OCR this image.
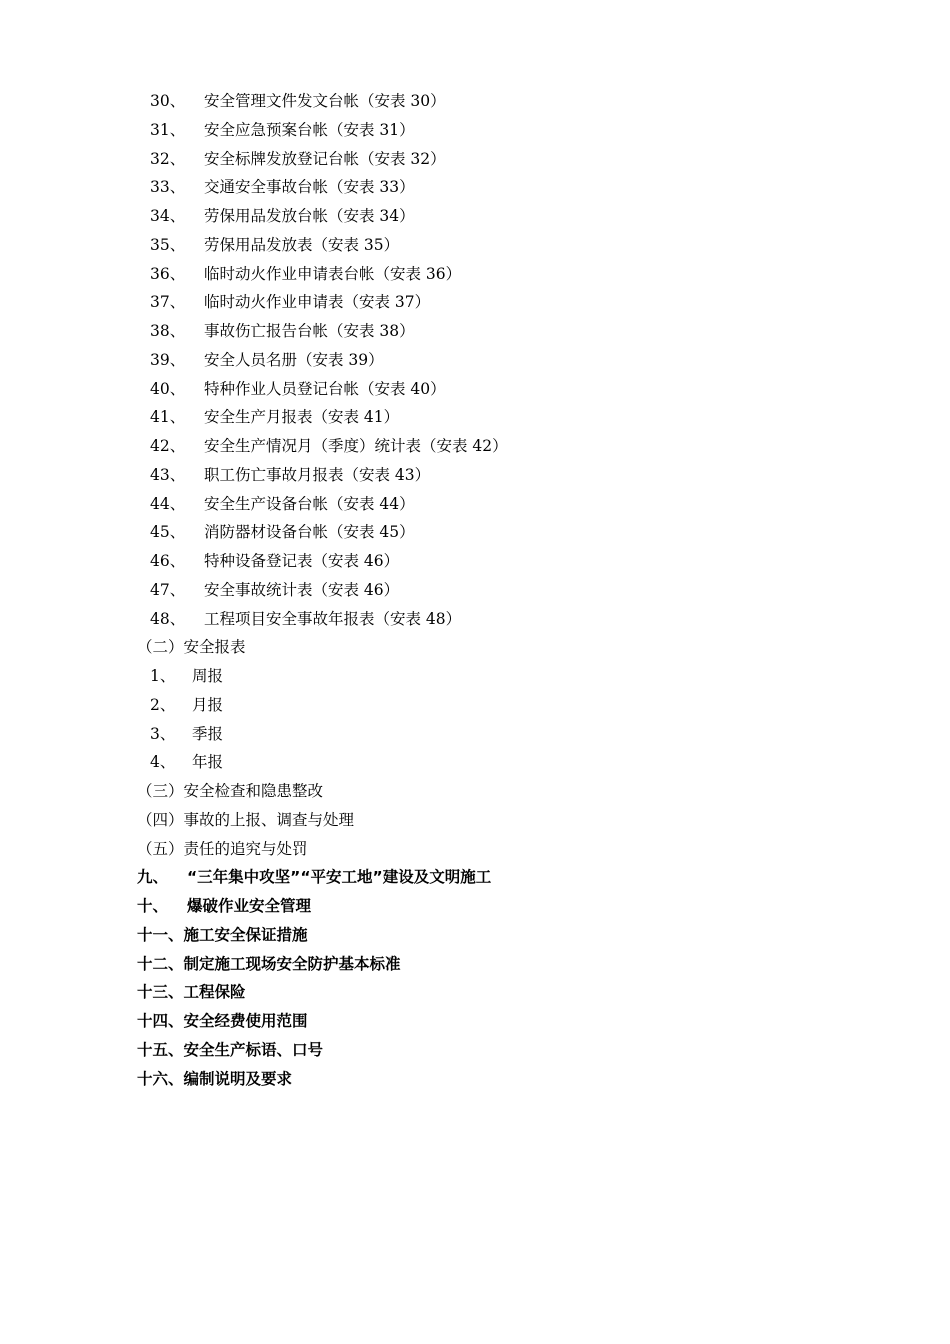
30、 安全管理文件发文台帐（安表 30）
31、 安全应急预案台帐（安表 31）
32、 安全标牌发放登记台帐（安表 32）
33、 交通安全事故台帐（安表 33）
34、 劳保用品发放台帐（安表 34）
35、 劳保用品发放表（安表 35）
36、 临时动火作业申请表台帐（安表 36）
37、 临时动火作业申请表（安表 37）
38、 事故伤亡报告台帐（安表 38）
39、 安全人员名册（安表 39）
40、 特种作业人员登记台帐（安表 40）
41、 安全生产月报表（安表 41）
42、 安全生产情况月（季度）统计表（安表 42）
43、 职工伤亡事故月报表（安表 43）
44、 安全生产设备台帐（安表 44）
45、 消防器材设备台帐（安表 45）
46、 特种设备登记表（安表 46）
47、 安全事故统计表（安表 46）
48、 工程项目安全事故年报表（安表 48）
（二）安全报表
1、 周报
2、 月报
3、 季报
4、 年报
（三）安全检查和隐患整改
（四）事故的上报、调查与处理
（五）责任的追究与处罚
九、 “三年集中攻坚”“平安工地”建设及文明施工
十、 爆破作业安全管理
十一、施工安全保证措施
十二、制定施工现场安全防护基本标准
十三、工程保险
十四、安全经费使用范围
十五、安全生产标语、口号
十六、编制说明及要求
